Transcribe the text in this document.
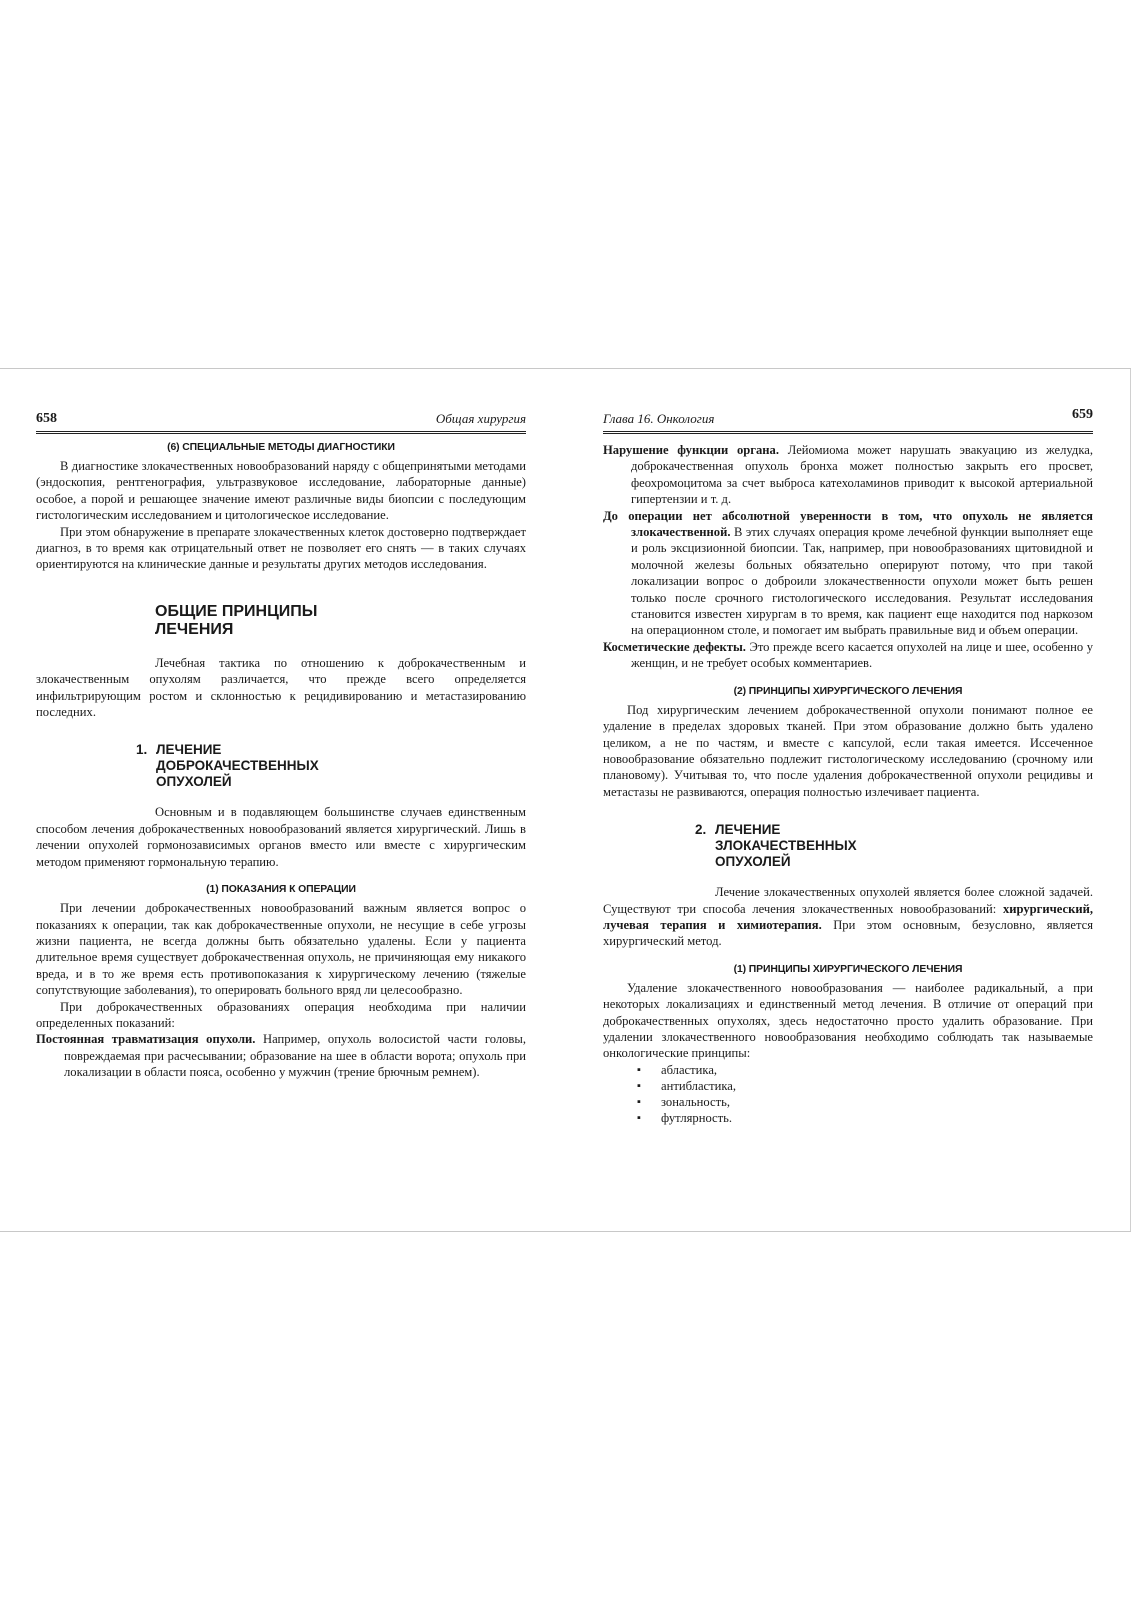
658	Общая хирургия
(6) СПЕЦИАЛЬНЫЕ МЕТОДЫ ДИАГНОСТИКИ

В диагностике злокачественных новообразований наряду с общепринятыми методами (эндоскопия, рентгенография, ультразвуковое исследование, лабораторные данные) особое, а порой и решающее значение имеют различные виды биопсии с последующим гистологическим исследованием и цитологическое исследование.

При этом обнаружение в препарате злокачественных клеток достоверно подтверждает диагноз, в то время как отрицательный ответ не позволяет его снять — в таких случаях ориентируются на клинические данные и результаты других методов исследования.

ОБЩИЕ ПРИНЦИПЫ
ЛЕЧЕНИЯ

Лечебная тактика по отношению к доброкачественным и злокачественным опухолям различается, что прежде всего определяется инфильтрирующим ростом и склонностью к рецидивированию и метастазированию последних.

1. ЛЕЧЕНИЕ
ДОБРОКАЧЕСТВЕННЫХ
ОПУХОЛЕЙ

Основным и в подавляющем большинстве случаев единственным способом лечения доброкачественных новообразований является хирургический. Лишь в лечении опухолей гормонозависимых органов вместо или вместе с хирургическим методом применяют гормональную терапию.

(1) ПОКАЗАНИЯ К ОПЕРАЦИИ

При лечении доброкачественных новообразований важным является вопрос о показаниях к операции, так как доброкачественные опухоли, не несущие в себе угрозы жизни пациента, не всегда должны быть обязательно удалены. Если у пациента длительное время существует доброкачественная опухоль, не причиняющая ему никакого вреда, и в то же время есть противопоказания к хирургическому лечению (тяжелые сопутствующие заболевания), то оперировать больного вряд ли целесообразно.

При доброкачественных образованиях операция необходима при наличии определенных показаний:

Постоянная травматизация опухоли. Например, опухоль волосистой части головы, повреждаемая при расчесывании; образование на шее в области ворота; опухоль при локализации в области пояса, особенно у мужчин (трение брючным ремнем).

Глава 16. Онкология	659

Нарушение функции органа. Лейомиома может нарушать эвакуацию из желудка, доброкачественная опухоль бронха может полностью закрыть его просвет, феохромоцитома за счет выброса катехоламинов приводит к высокой артериальной гипертензии и т. д.

До операции нет абсолютной уверенности в том, что опухоль не является злокачественной. В этих случаях операция кроме лечебной функции выполняет еще и роль эксцизионной биопсии. Так, например, при новообразованиях щитовидной и молочной железы больных обязательно оперируют потому, что при такой локализации вопрос о доброили злокачественности опухоли может быть решен только после срочного гистологического исследования. Результат исследования становится известен хирургам в то время, как пациент еще находится под наркозом на операционном столе, и помогает им выбрать правильные вид и объем операции.

Косметические дефекты. Это прежде всего касается опухолей на лице и шее, особенно у женщин, и не требует особых комментариев.

(2) ПРИНЦИПЫ ХИРУРГИЧЕСКОГО ЛЕЧЕНИЯ

Под хирургическим лечением доброкачественной опухоли понимают полное ее удаление в пределах здоровых тканей. При этом образование должно быть удалено целиком, а не по частям, и вместе с капсулой, если такая имеется. Иссеченное новообразование обязательно подлежит гистологическому исследованию (срочному или плановому). Учитывая то, что после удаления доброкачественной опухоли рецидивы и метастазы не развиваются, операция полностью излечивает пациента.

2. ЛЕЧЕНИЕ
ЗЛОКАЧЕСТВЕННЫХ
ОПУХОЛЕЙ

Лечение злокачественных опухолей является более сложной задачей. Существуют три способа лечения злокачественных новообразований: хирургический, лучевая терапия и химиотерапия. При этом основным, безусловно, является хирургический метод.

(1) ПРИНЦИПЫ ХИРУРГИЧЕСКОГО ЛЕЧЕНИЯ

Удаление злокачественного новообразования — наиболее радикальный, а при некоторых локализациях и единственный метод лечения. В отличие от операций при доброкачественных опухолях, здесь недостаточно просто удалить образование. При удалении злокачественного новообразования необходимо соблюдать так называемые онкологические принципы:

▪ абластика,
▪ антибластика,
▪ зональность,
▪ футлярность.
